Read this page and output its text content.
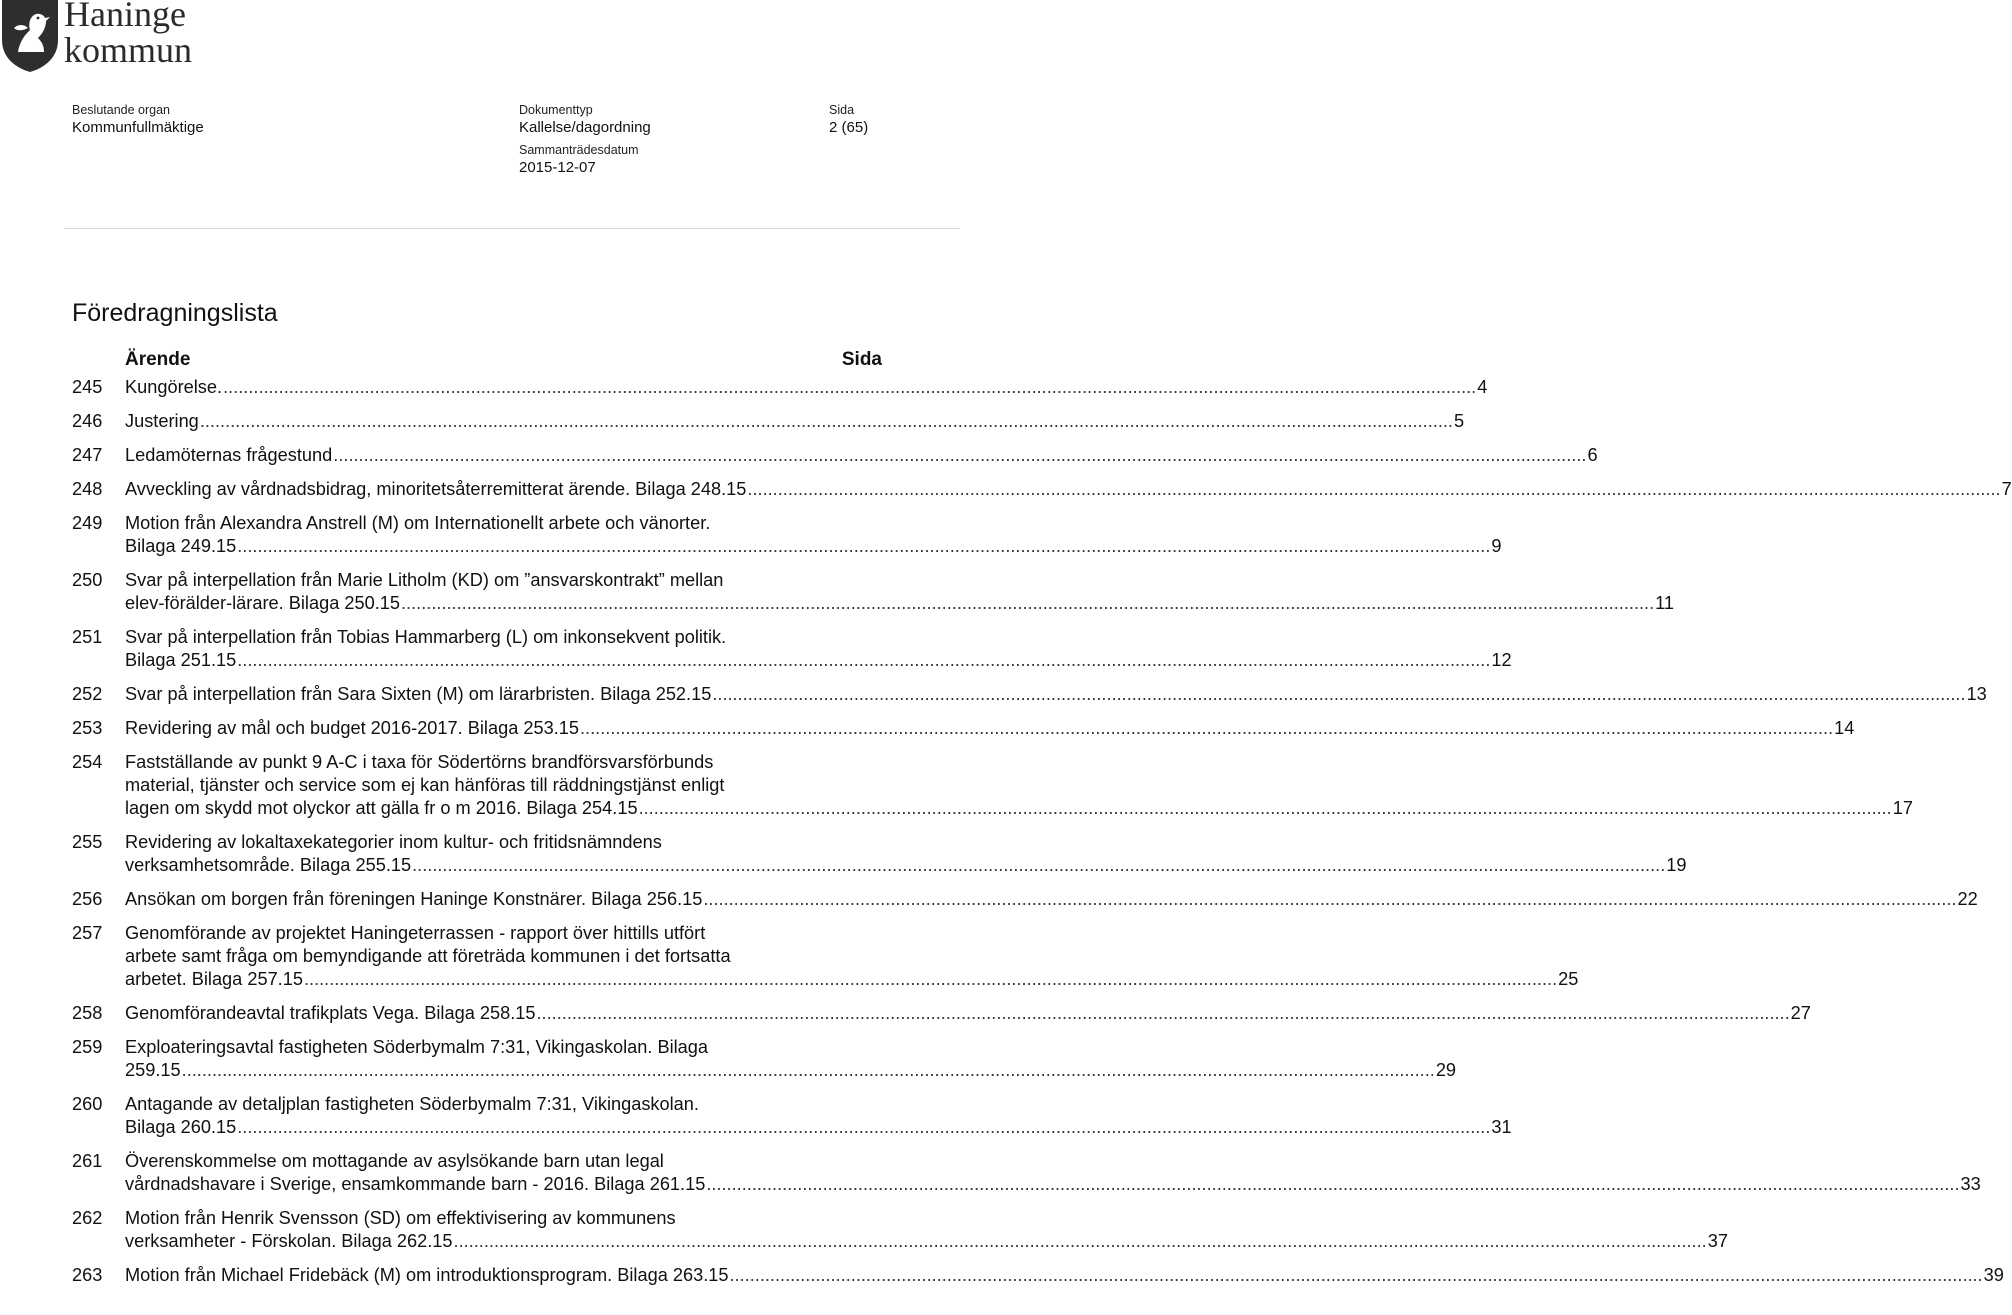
Haninge
kommun
Beslutande organ
Kommunfullmäktige
Dokumenttyp
Kallelse/dagordning
Sida
2 (65)
Sammanträdesdatum
2015-12-07
Föredragningslista
Ärende	Sida
245	Kungörelse. .....	4
246	Justering .....	5
247	Ledamöternas frågestund .....	6
248	Avveckling av vårdnadsbidrag, minoritetsåterremitterat ärende. Bilaga 248.15 .....	7
249	Motion från Alexandra Anstrell (M) om Internationellt arbete och vänorter.
Bilaga 249.15 .....	9
250	Svar på interpellation från Marie Litholm (KD) om ”ansvarskontrakt” mellan
elev-förälder-lärare. Bilaga 250.15 .....	11
251	Svar på interpellation från Tobias Hammarberg (L) om inkonsekvent politik.
Bilaga 251.15 .....	12
252	Svar på interpellation från Sara Sixten (M) om lärarbristen. Bilaga 252.15 .....	13
253	Revidering av mål och budget 2016-2017. Bilaga 253.15 .....	14
254	Fastställande av punkt 9 A-C i taxa för Södertörns brandförsvarsförbunds
material, tjänster och service som ej kan hänföras till räddningstjänst enligt
lagen om skydd mot olyckor att gälla fr o m 2016. Bilaga 254.15 .....	17
255	Revidering av lokaltaxekategorier inom kultur- och fritidsnämndens
verksamhetsområde. Bilaga 255.15 .....	19
256	Ansökan om borgen från föreningen Haninge Konstnärer. Bilaga 256.15 .....	22
257	Genomförande av projektet Haningeterrassen - rapport över hittills utfört
arbete samt fråga om bemyndigande att företräda kommunen i det fortsatta
arbetet. Bilaga 257.15 .....	25
258	Genomförandeavtal trafikplats Vega. Bilaga 258.15 .....	27
259	Exploateringsavtal fastigheten Söderbymalm 7:31, Vikingaskolan. Bilaga
259.15 .....	29
260	Antagande av detaljplan fastigheten Söderbymalm 7:31, Vikingaskolan.
Bilaga 260.15 .....	31
261	Överenskommelse om mottagande av asylsökande barn utan legal
vårdnadshavare i Sverige, ensamkommande barn - 2016. Bilaga 261.15 .....	33
262	Motion från Henrik Svensson (SD) om effektivisering av kommunens
verksamheter - Förskolan. Bilaga 262.15 .....	37
263	Motion från Michael Fridebäck (M) om introduktionsprogram. Bilaga 263.15 .....	39
